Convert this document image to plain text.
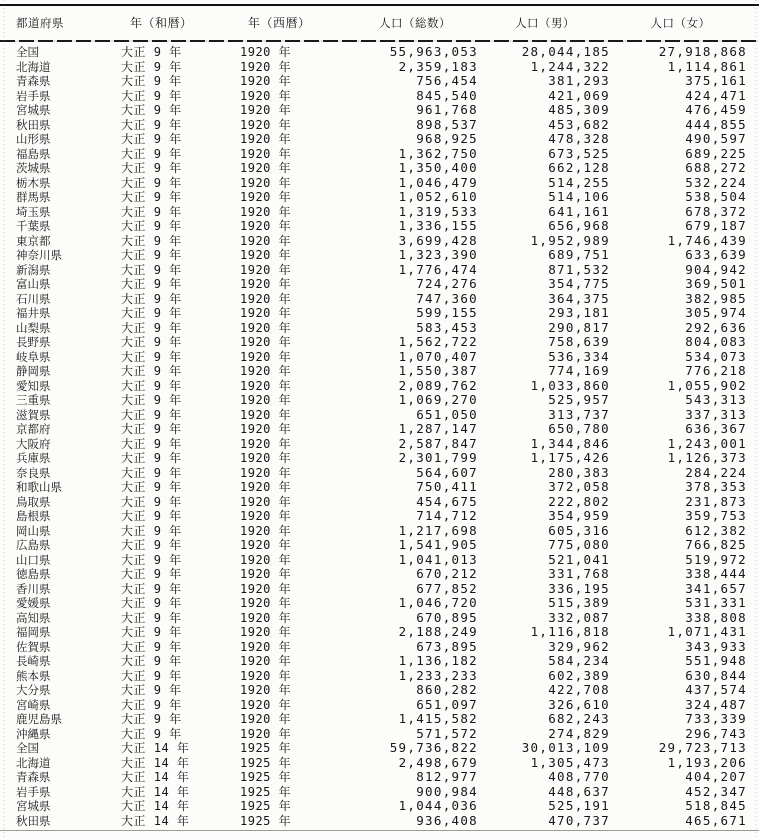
都道府県	年（和暦）	年（西暦）	人口（総数）	人口（男）	人口（女）
全国	大正 9 年	1920 年	55,963,053	28,044,185	27,918,868
北海道	大正 9 年	1920 年	2,359,183	1,244,322	1,114,861
青森県	大正 9 年	1920 年	756,454	381,293	375,161
岩手県	大正 9 年	1920 年	845,540	421,069	424,471
宮城県	大正 9 年	1920 年	961,768	485,309	476,459
秋田県	大正 9 年	1920 年	898,537	453,682	444,855
山形県	大正 9 年	1920 年	968,925	478,328	490,597
福島県	大正 9 年	1920 年	1,362,750	673,525	689,225
茨城県	大正 9 年	1920 年	1,350,400	662,128	688,272
栃木県	大正 9 年	1920 年	1,046,479	514,255	532,224
群馬県	大正 9 年	1920 年	1,052,610	514,106	538,504
埼玉県	大正 9 年	1920 年	1,319,533	641,161	678,372
千葉県	大正 9 年	1920 年	1,336,155	656,968	679,187
東京都	大正 9 年	1920 年	3,699,428	1,952,989	1,746,439
神奈川県	大正 9 年	1920 年	1,323,390	689,751	633,639
新潟県	大正 9 年	1920 年	1,776,474	871,532	904,942
富山県	大正 9 年	1920 年	724,276	354,775	369,501
石川県	大正 9 年	1920 年	747,360	364,375	382,985
福井県	大正 9 年	1920 年	599,155	293,181	305,974
山梨県	大正 9 年	1920 年	583,453	290,817	292,636
長野県	大正 9 年	1920 年	1,562,722	758,639	804,083
岐阜県	大正 9 年	1920 年	1,070,407	536,334	534,073
静岡県	大正 9 年	1920 年	1,550,387	774,169	776,218
愛知県	大正 9 年	1920 年	2,089,762	1,033,860	1,055,902
三重県	大正 9 年	1920 年	1,069,270	525,957	543,313
滋賀県	大正 9 年	1920 年	651,050	313,737	337,313
京都府	大正 9 年	1920 年	1,287,147	650,780	636,367
大阪府	大正 9 年	1920 年	2,587,847	1,344,846	1,243,001
兵庫県	大正 9 年	1920 年	2,301,799	1,175,426	1,126,373
奈良県	大正 9 年	1920 年	564,607	280,383	284,224
和歌山県	大正 9 年	1920 年	750,411	372,058	378,353
鳥取県	大正 9 年	1920 年	454,675	222,802	231,873
島根県	大正 9 年	1920 年	714,712	354,959	359,753
岡山県	大正 9 年	1920 年	1,217,698	605,316	612,382
広島県	大正 9 年	1920 年	1,541,905	775,080	766,825
山口県	大正 9 年	1920 年	1,041,013	521,041	519,972
徳島県	大正 9 年	1920 年	670,212	331,768	338,444
香川県	大正 9 年	1920 年	677,852	336,195	341,657
愛媛県	大正 9 年	1920 年	1,046,720	515,389	531,331
高知県	大正 9 年	1920 年	670,895	332,087	338,808
福岡県	大正 9 年	1920 年	2,188,249	1,116,818	1,071,431
佐賀県	大正 9 年	1920 年	673,895	329,962	343,933
長崎県	大正 9 年	1920 年	1,136,182	584,234	551,948
熊本県	大正 9 年	1920 年	1,233,233	602,389	630,844
大分県	大正 9 年	1920 年	860,282	422,708	437,574
宮崎県	大正 9 年	1920 年	651,097	326,610	324,487
鹿児島県	大正 9 年	1920 年	1,415,582	682,243	733,339
沖縄県	大正 9 年	1920 年	571,572	274,829	296,743
全国	大正 14 年	1925 年	59,736,822	30,013,109	29,723,713
北海道	大正 14 年	1925 年	2,498,679	1,305,473	1,193,206
青森県	大正 14 年	1925 年	812,977	408,770	404,207
岩手県	大正 14 年	1925 年	900,984	448,637	452,347
宮城県	大正 14 年	1925 年	1,044,036	525,191	518,845
秋田県	大正 14 年	1925 年	936,408	470,737	465,671
